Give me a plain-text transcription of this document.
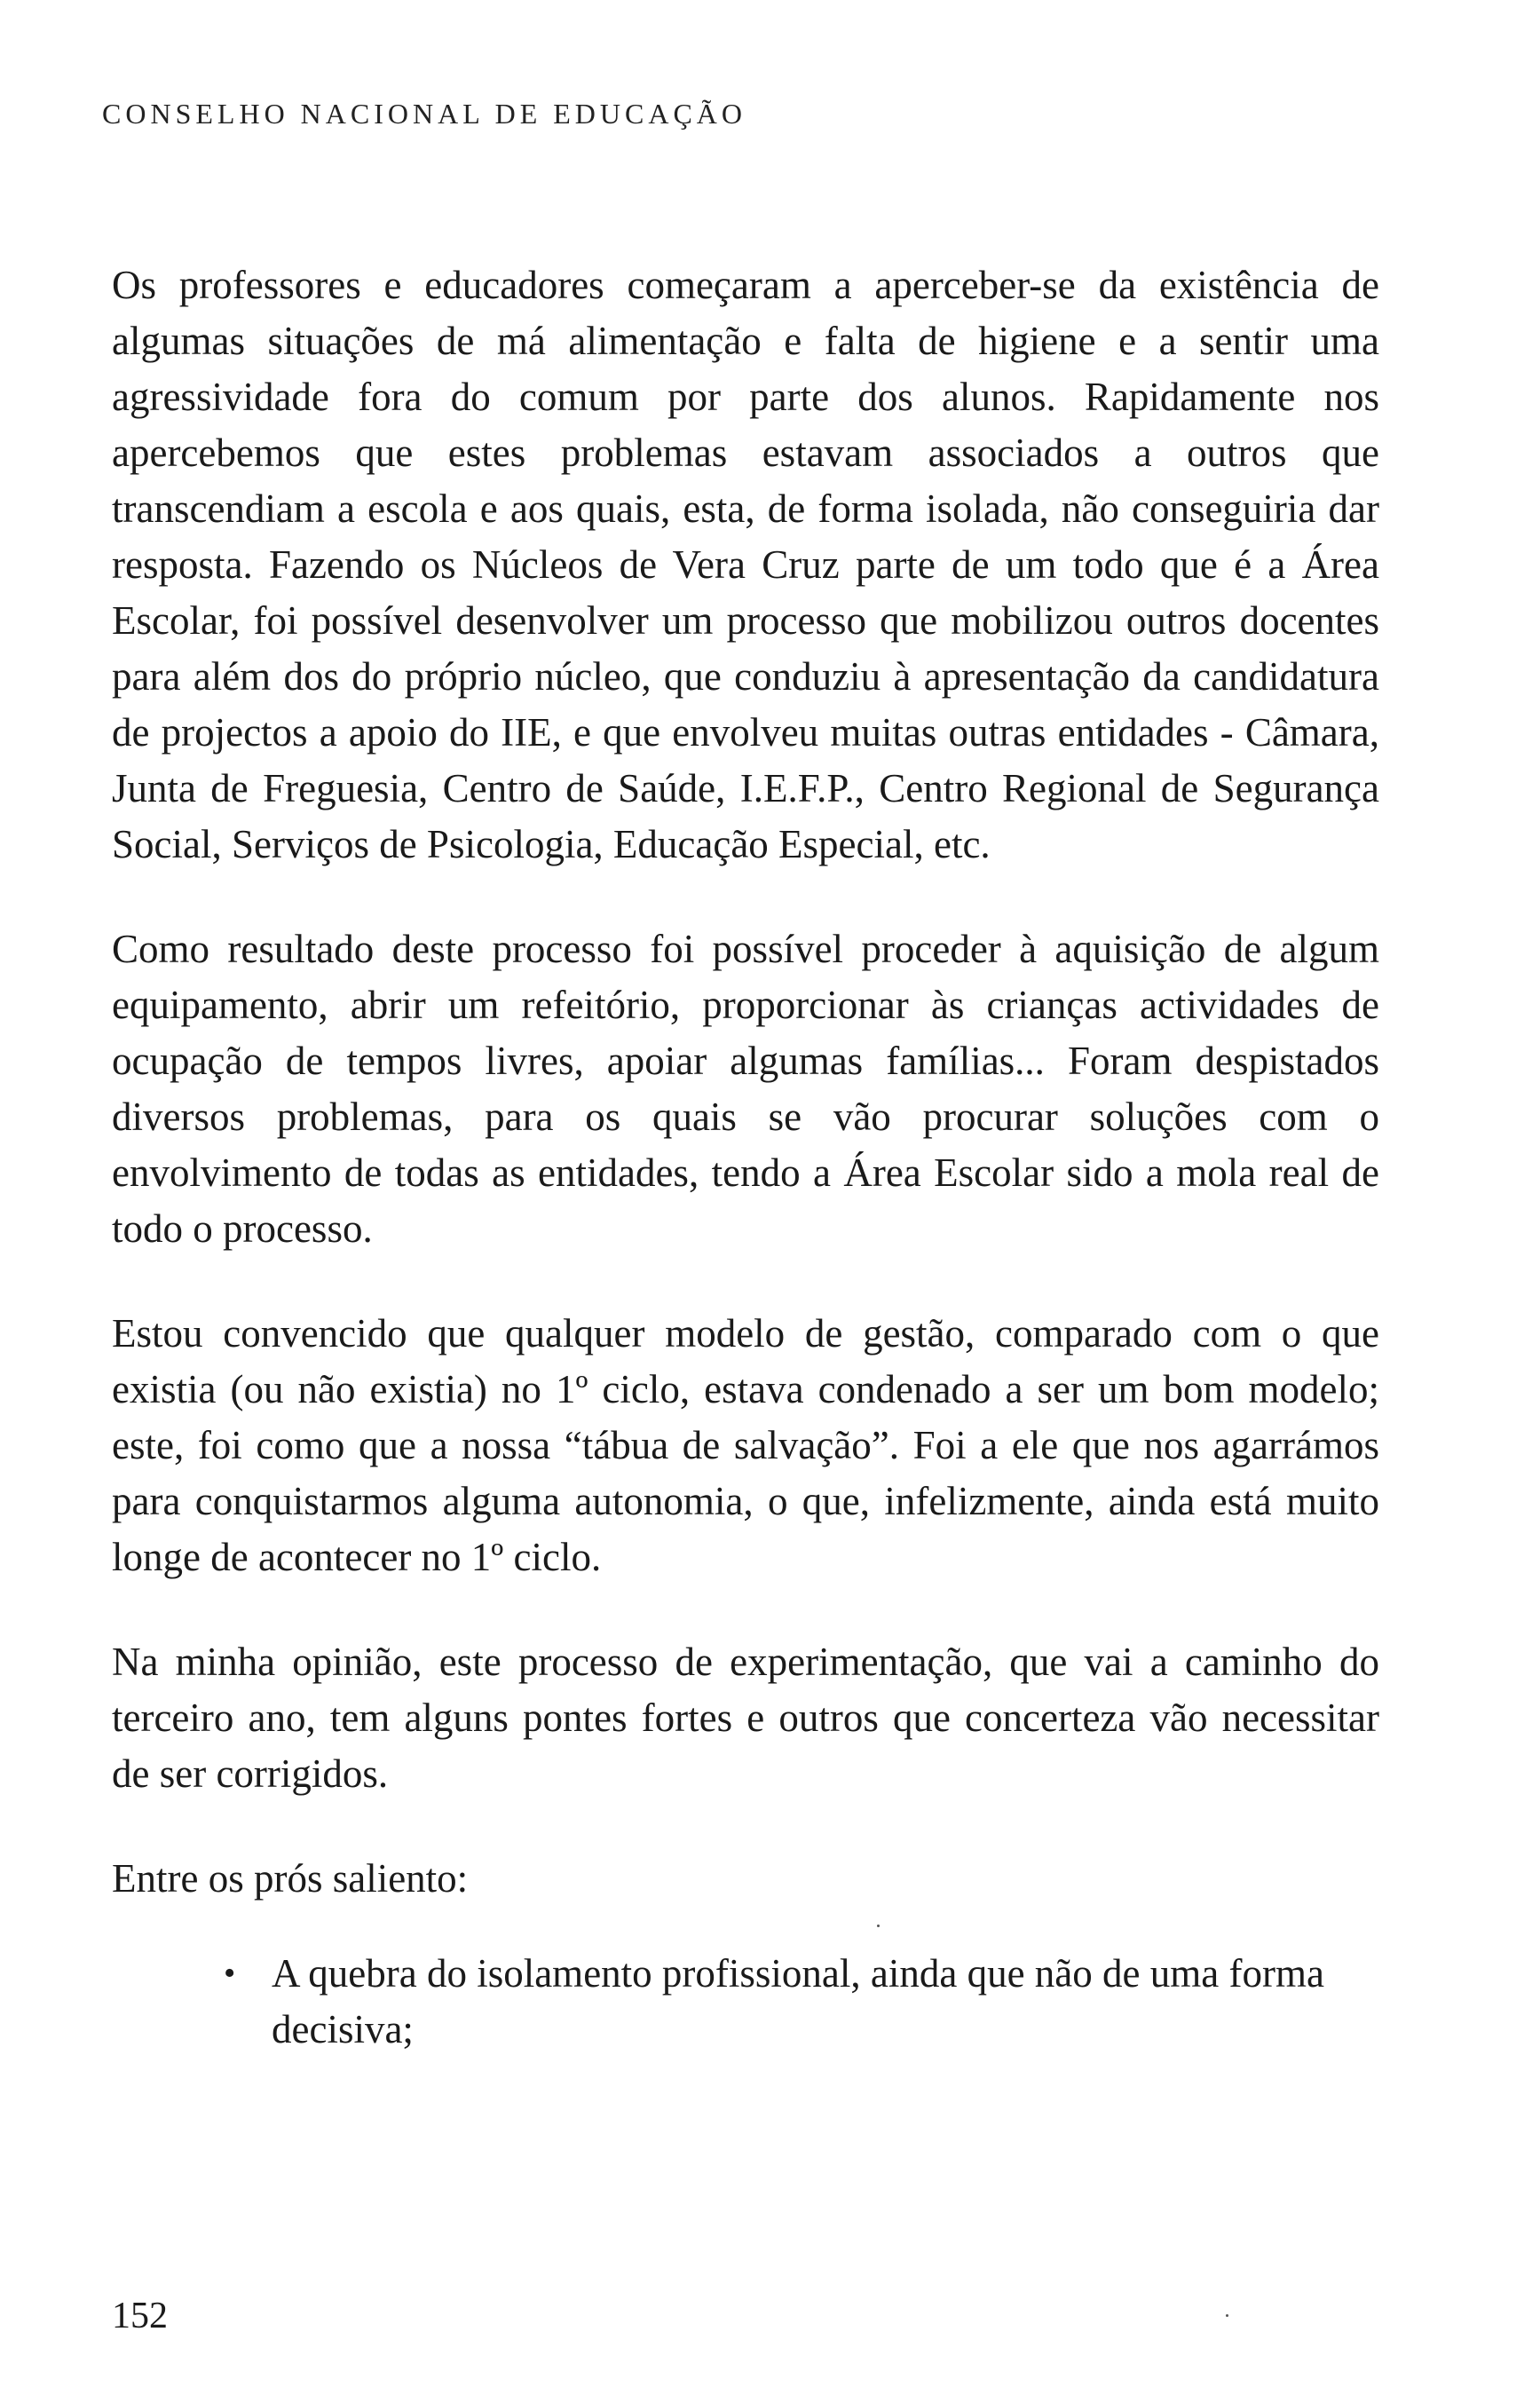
CONSELHO NACIONAL DE EDUCAÇÃO

Os professores e educadores começaram a aperceber-se da existência de algumas situações de má alimentação e falta de higiene e a sentir uma agressividade fora do comum por parte dos alunos. Rapidamente nos apercebemos que estes problemas estavam associados a outros que transcendiam a escola e aos quais, esta, de forma isolada, não conseguiria dar resposta. Fazendo os Núcleos de Vera Cruz parte de um todo que é a Área Escolar, foi possível desenvolver um processo que mobilizou outros docentes para além dos do próprio núcleo, que conduziu à apresentação da candidatura de projectos a apoio do IIE, e que envolveu muitas outras entidades - Câmara, Junta de Freguesia, Centro de Saúde, I.E.F.P., Centro Regional de Segurança Social, Serviços de Psicologia, Educação Especial, etc.

Como resultado deste processo foi possível proceder à aquisição de algum equipamento, abrir um refeitório, proporcionar às crianças actividades de ocupação de tempos livres, apoiar algumas famílias... Foram despistados diversos problemas, para os quais se vão procurar soluções com o envolvimento de todas as entidades, tendo a Área Escolar sido a mola real de todo o processo.

Estou convencido que qualquer modelo de gestão, comparado com o que existia (ou não existia) no 1º ciclo, estava condenado a ser um bom modelo; este, foi como que a nossa “tábua de salvação”. Foi a ele que nos agarrámos para conquistarmos alguma autonomia, o que, infelizmente, ainda está muito longe de acontecer no 1º ciclo.

Na minha opinião, este processo de experimentação, que vai a caminho do terceiro ano, tem alguns pontes fortes e outros que concerteza vão necessitar de ser corrigidos.

Entre os prós saliento:

• A quebra do isolamento profissional, ainda que não de uma forma decisiva;
152
